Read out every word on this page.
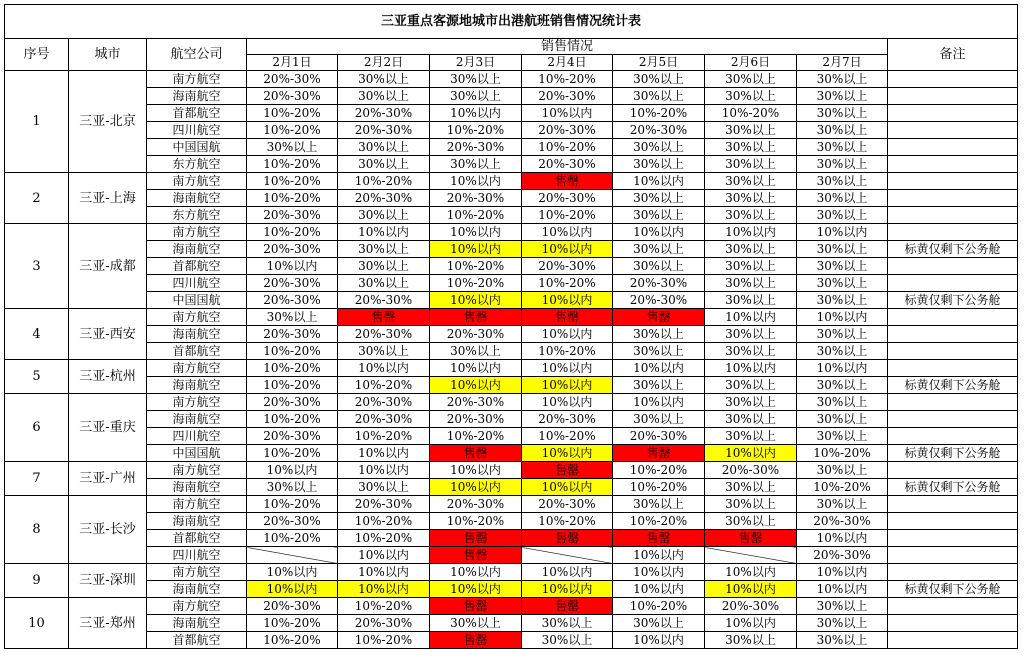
三亚重点客源地城市出港航班销售情况统计表										
序号	城市	航空公司	销售情况							备注
			2月1日	2月2日	2月3日	2月4日	2月5日	2月6日	2月7日	
1	三亚-北京	南方航空	20%-30%	30%以上	30%以上	10%-20%	30%以上	30%以上	30%以上	
		海南航空	20%-30%	30%以上	30%以上	20%-30%	30%以上	30%以上	30%以上	
		首都航空	10%-20%	20%-30%	10%以内	10%以内	10%-20%	10%-20%	30%以上	
		四川航空	10%-20%	20%-30%	10%-20%	20%-30%	20%-30%	30%以上	30%以上	
		中国国航	30%以上	30%以上	20%-30%	10%-20%	30%以上	30%以上	30%以上	
		东方航空	10%-20%	30%以上	30%以上	20%-30%	30%以上	30%以上	30%以上	
2	三亚-上海	南方航空	10%-20%	10%-20%	10%以内	售罄	10%以内	30%以上	30%以上	
		海南航空	10%-20%	20%-30%	20%-30%	20%-30%	30%以上	30%以上	30%以上	
		东方航空	20%-30%	30%以上	10%-20%	10%-20%	30%以上	30%以上	30%以上	
3	三亚-成都	南方航空	10%-20%	10%以内	10%以内	10%以内	10%以内	10%以内	10%以内	
		海南航空	20%-30%	30%以上	10%以内	10%以内	30%以上	30%以上	30%以上	标黄仅剩下公务舱
		首都航空	10%以内	30%以上	10%-20%	20%-30%	30%以上	30%以上	30%以上	
		四川航空	20%-30%	30%以上	10%-20%	10%-20%	20%-30%	30%以上	30%以上	
		中国国航	20%-30%	20%-30%	10%以内	10%以内	20%-30%	30%以上	30%以上	标黄仅剩下公务舱
4	三亚-西安	南方航空	30%以上	售罄	售罄	售罄	售罄	10%以内	10%以内	
		海南航空	20%-30%	20%-30%	20%-30%	10%以内	30%以上	30%以上	30%以上	
		首都航空	10%-20%	30%以上	30%以上	10%-20%	30%以上	30%以上	30%以上	
5	三亚-杭州	南方航空	10%-20%	10%以内	10%以内	10%以内	10%以内	10%以内	10%以内	
		海南航空	10%-20%	10%-20%	10%以内	10%以内	30%以上	30%以上	30%以上	标黄仅剩下公务舱
6	三亚-重庆	南方航空	20%-30%	20%-30%	20%-30%	10%以内	10%以内	30%以上	30%以上	
		海南航空	10%-20%	20%-30%	20%-30%	20%-30%	30%以上	30%以上	30%以上	
		四川航空	20%-30%	10%-20%	10%-20%	10%-20%	20%-30%	30%以上	30%以上	
		中国国航	10%-20%	10%以内	售罄	10%以内	售罄	10%以内	10%-20%	标黄仅剩下公务舱
7	三亚-广州	南方航空	10%以内	10%以内	10%以内	售罄	10%-20%	20%-30%	30%以上	
		海南航空	30%以上	30%以上	10%以内	10%以内	10%-20%	30%以上	10%-20%	标黄仅剩下公务舱
8	三亚-长沙	南方航空	10%-20%	20%-30%	20%-30%	20%-30%	30%以上	30%以上	30%以上	
		海南航空	20%-30%	10%-20%	10%-20%	10%-20%	10%-20%	30%以上	20%-30%	
		首都航空	10%-20%	10%-20%	售罄	售罄	售罄	售罄	10%以内	
		四川航空		10%以内	售罄		10%以内		20%-30%	
9	三亚-深圳	南方航空	10%以内	10%以内	10%以内	10%以内	10%以内	10%以内	10%以内	
		海南航空	10%以内	10%以内	10%以内	10%以内	10%以内	10%以内	10%以内	标黄仅剩下公务舱
10	三亚-郑州	南方航空	20%-30%	10%-20%	售罄	售罄	10%-20%	20%-30%	30%以上	
		海南航空	10%-20%	20%-30%	30%以上	30%以上	30%以上	10%以内	30%以上	
		首都航空	10%-20%	10%-20%	售罄	30%以上	10%以内	30%以上	30%以上	
